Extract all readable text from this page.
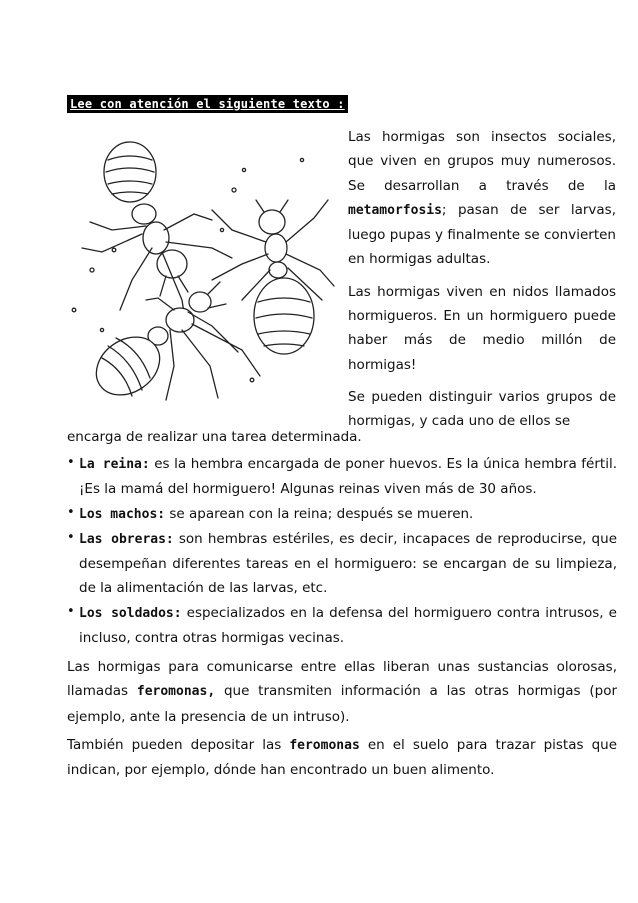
Lee con atención el siguiente texto :

Las hormigas son insectos sociales, que viven en grupos muy numerosos. Se desarrollan a través de la metamorfosis; pasan de ser larvas, luego pupas y finalmente se convierten en hormigas adultas.

Las hormigas viven en nidos llamados hormigueros. En un hormiguero puede haber más de medio millón de hormigas!

Se pueden distinguir varios grupos de hormigas, y cada uno de ellos se

encarga de realizar una tarea determinada.

• La reina: es la hembra encargada de poner huevos. Es la única hembra fértil. ¡Es la mamá del hormiguero! Algunas reinas viven más de 30 años.

• Los machos: se aparean con la reina; después se mueren.

• Las obreras: son hembras estériles, es decir, incapaces de reproducirse, que desempeñan diferentes tareas en el hormiguero: se encargan de su limpieza, de la alimentación de las larvas, etc.

• Los soldados: especializados en la defensa del hormiguero contra intrusos, e incluso, contra otras hormigas vecinas.

Las hormigas para comunicarse entre ellas liberan unas sustancias olorosas, llamadas feromonas, que transmiten información a las otras hormigas (por ejemplo, ante la presencia de un intruso).
También pueden depositar las feromonas en el suelo para trazar pistas que indican, por ejemplo, dónde han encontrado un buen alimento.
